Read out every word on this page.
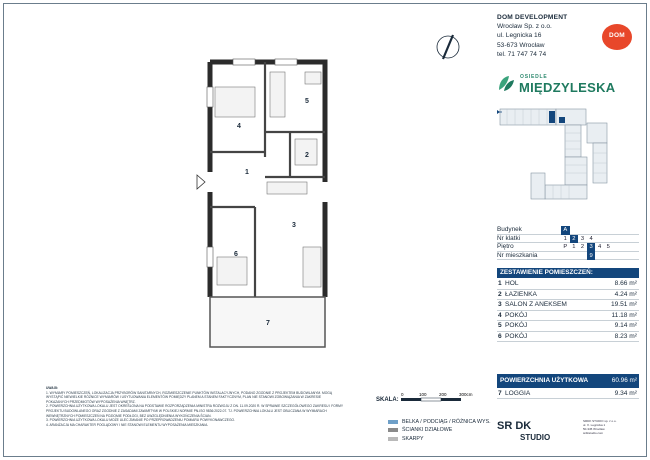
DOM DEVELOPMENT
Wrocław Sp. z o.o.
ul. Legnicka 16
53-673 Wrocław
tel. 71 747 74 74
DOM
OSIEDLE
MIĘDZYLESKA
Budynek	A
Nr klatki	1 2 3 4
Piętro	P 1 2 3 4 5
Nr mieszkania	9
ZESTAWIENIE POMIESZCZEŃ:
1 HOL	8.66 m²
2 ŁAZIENKA	4.24 m²
3 SALON Z ANEKSEM	19.51 m²
4 POKÓJ	11.18 m²
5 POKÓJ	9.14 m²
6 POKÓJ	8.23 m²
POWIERZCHNIA UŻYTKOWA	60.96 m²
7 LOGGIA	9.34 m²
1
2
3
4
5
6
7
UWAGI:
1. WYMIARY POMIESZCZEŃ, LOKALIZACJA PRZYBORÓW SANITARNYCH, ROZMIESZCZENIE PUNKTÓW INSTALACYJNYCH, PODANO ZGODNIE Z PROJEKTEM BUDOWLANYM. MOGĄ
WYSTĄPIĆ NIEWIELKIE RÓŻNICE WYMIARÓW I USYTUOWANIA ELEMENTÓW POMIĘDZY PLANEM A STANEM FAKTYCZNYM, PLAN NIE STANOWI ZOBOWIĄZANIA W ZAKRESIE
POKAZANYCH PRZEDMIOTÓW WYPOSAŻENIA WNĘTRZ.
2. POWIERZCHNIA UŻYTKOWA LOKALU JEST OKREŚLONA NA PODSTAWIE ROZPORZĄDZENIA MINISTRA ROZWOJU Z DN. 11.09.2020 R. W SPRAWIE SZCZEGÓŁOWEGO ZAKRESU I FORMY
PROJEKTU BUDOWLANEGO ORAZ ZGODNIE Z ZASADAMI ZAWARTYMI W POLSKIEJ NORMIE PN-ISO 9836:2022-07. TJ. POWIERZCHNIA LOKALU JEST OBLICZANA W WYMIARACH
WEWNĘTRZNYCH POMIESZCZEŃ NA POZIOMIE PODŁOGI, BEZ UWZGLĘDNIENIA WYKOŃCZENIA ŚCIAN.
3. POWIERZCHNIA UŻYTKOWA LOKALU MOŻE ULEC ZMIANIE PO PRZEPROWADZENIU POMIARU POWYKONAWCZEGO.
4. ARANŻACJA MA CHARAKTER POGLĄDOWY I NIE STANOWI ELEMENTU WYPOSAŻENIA MIESZKANIA.
SKALA:
0	100	200	300cm
BELKA / PODCIĄG / RÓŻNICA WYS.
ŚCIANKI DZIAŁOWE
SKARPY
SR DK
STUDIO
SRDK STUDIO sp. z o.o.
ul. X. Legnicka 1
50-345 Wrocław
srdkstudio.com
